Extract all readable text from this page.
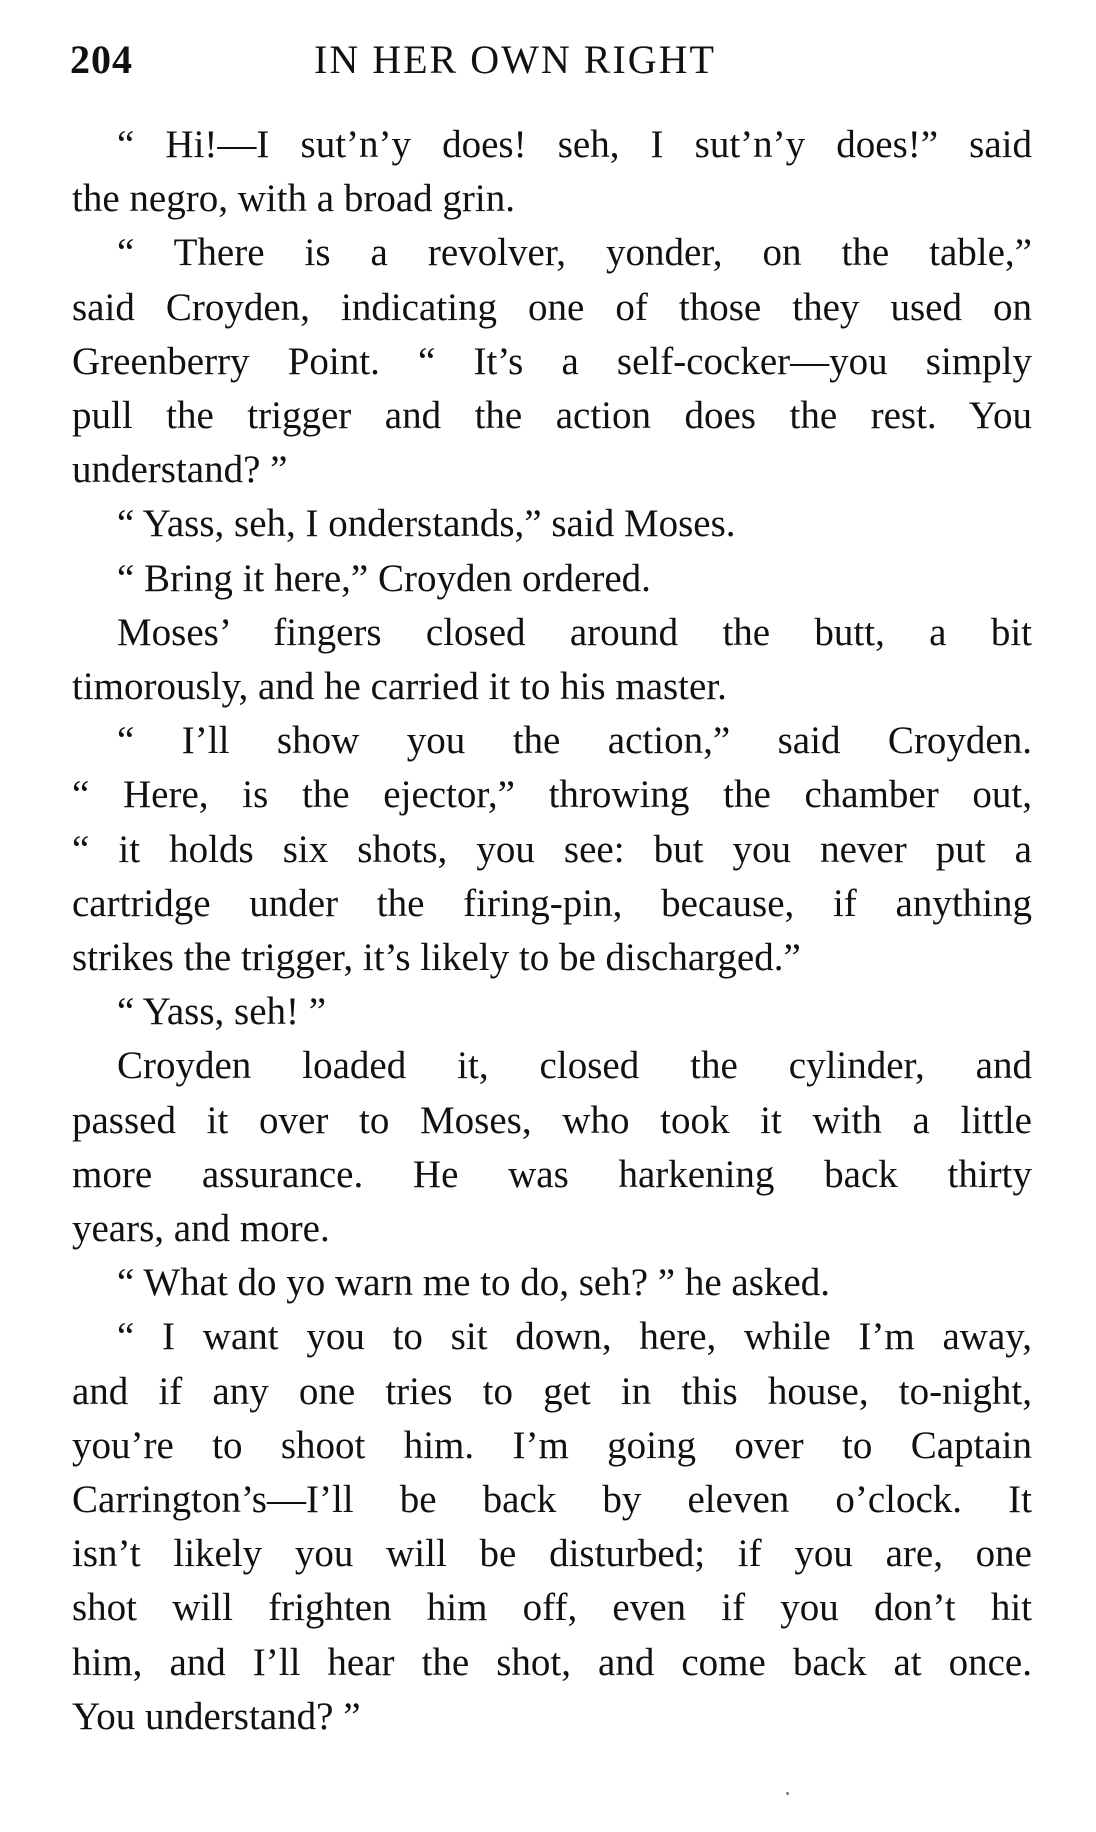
204	IN HER OWN RIGHT
“ Hi!—I sut’n’y does! seh, I sut’n’y does!” said
the negro, with a broad grin.
“ There is a revolver, yonder, on the table,”
said Croyden, indicating one of those they used on
Greenberry Point. “ It’s a self-cocker—you simply
pull the trigger and the action does the rest. You
understand? ”
“ Yass, seh, I onderstands,” said Moses.
“ Bring it here,” Croyden ordered.
Moses’ fingers closed around the butt, a bit
timorously, and he carried it to his master.
“ I’ll show you the action,” said Croyden.
“ Here, is the ejector,” throwing the chamber out,
“ it holds six shots, you see: but you never put a
cartridge under the firing-pin, because, if anything
strikes the trigger, it’s likely to be discharged.”
“ Yass, seh! ”
Croyden loaded it, closed the cylinder, and
passed it over to Moses, who took it with a little
more assurance. He was harkening back thirty
years, and more.
“ What do yo warn me to do, seh? ” he asked.
“ I want you to sit down, here, while I’m away,
and if any one tries to get in this house, to-night,
you’re to shoot him. I’m going over to Captain
Carrington’s—I’ll be back by eleven o’clock. It
isn’t likely you will be disturbed; if you are, one
shot will frighten him off, even if you don’t hit
him, and I’ll hear the shot, and come back at once.
You understand? ”
